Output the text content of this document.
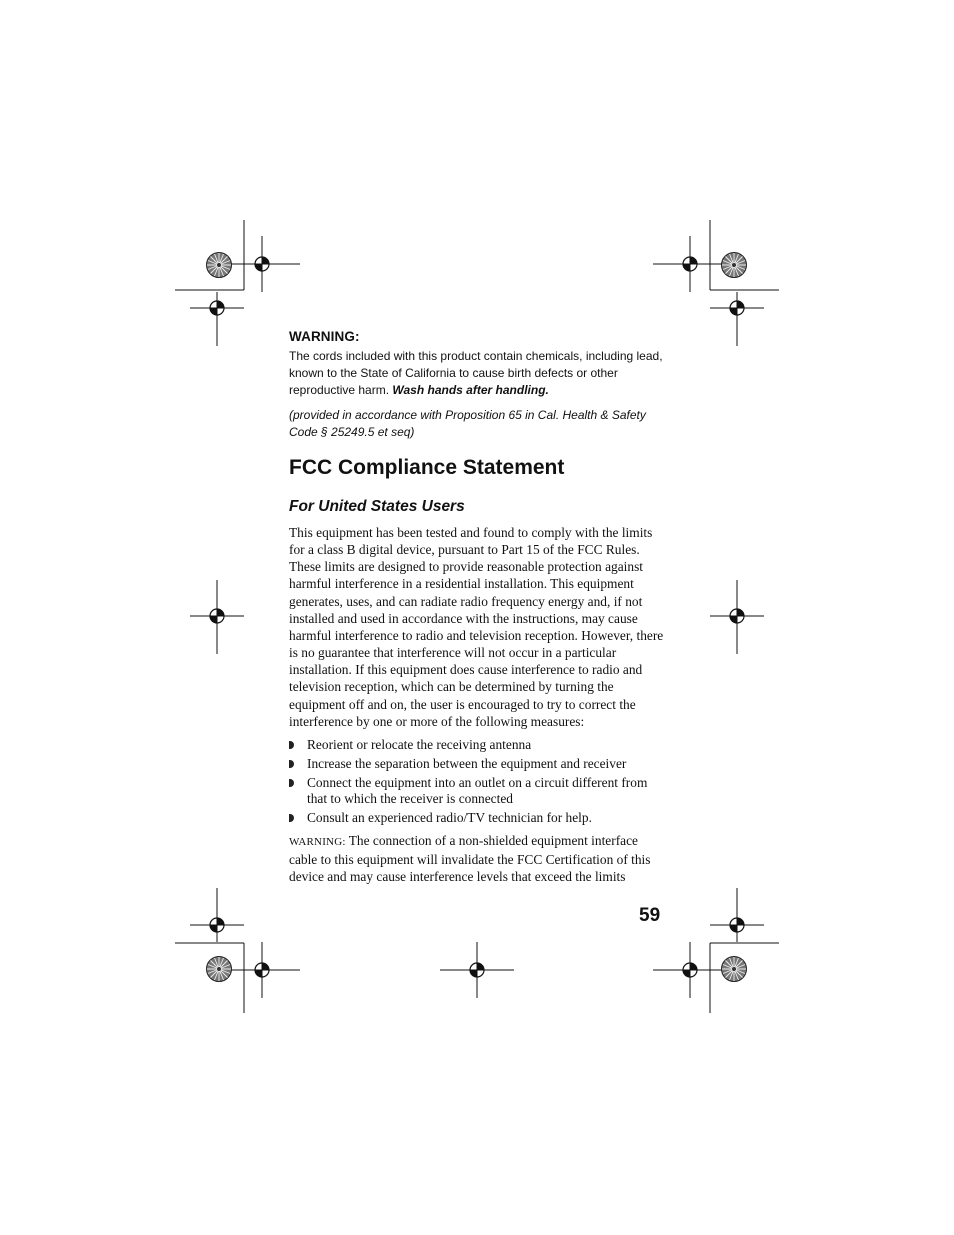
WARNING:
The cords included with this product contain chemicals, including lead, known to the State of California to cause birth defects or other reproductive harm. Wash hands after handling.
(provided in accordance with Proposition 65 in Cal. Health & Safety Code § 25249.5 et seq)
FCC Compliance Statement
For United States Users
This equipment has been tested and found to comply with the limits for a class B digital device, pursuant to Part 15 of the FCC Rules. These limits are designed to provide reasonable protection against harmful interference in a residential installation. This equipment generates, uses, and can radiate radio frequency energy and, if not installed and used in accordance with the instructions, may cause harmful interference to radio and television reception. However, there is no guarantee that interference will not occur in a particular installation. If this equipment does cause interference to radio and television reception, which can be determined by turning the equipment off and on, the user is encouraged to try to correct the interference by one or more of the following measures:
Reorient or relocate the receiving antenna
Increase the separation between the equipment and receiver
Connect the equipment into an outlet on a circuit different from that to which the receiver is connected
Consult an experienced radio/TV technician for help.
WARNING: The connection of a non-shielded equipment interface cable to this equipment will invalidate the FCC Certification of this device and may cause interference levels that exceed the limits
59
